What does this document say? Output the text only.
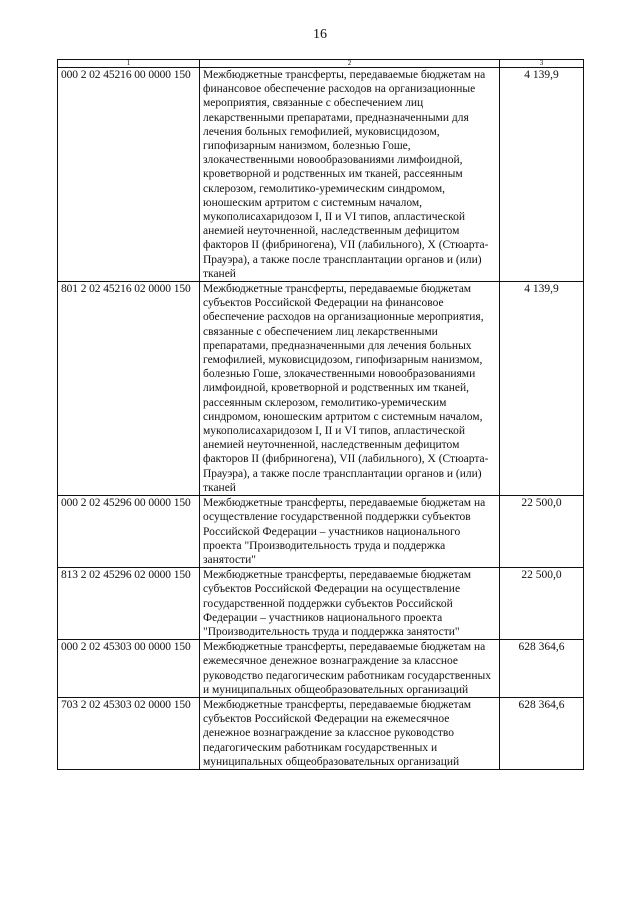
16
1	2	3
000 2 02 45216 00 0000 150	Межбюджетные трансферты, передаваемые бюджетам на финансовое обеспечение расходов на организационные мероприятия, связанные с обеспечением лиц лекарственными препаратами, предназначенными для лечения больных гемофилией, муковисцидозом, гипофизарным нанизмом, болезнью Гоше, злокачественными новообразованиями лимфоидной, кроветворной и родственных им тканей, рассеянным склерозом, гемолитико-уремическим синдромом, юношеским артритом с системным началом, мукополисахаридозом I, II и VI типов, апластической анемией неуточненной, наследственным дефицитом факторов II (фибриногена), VII (лабильного), X (Стюарта-Прауэра), а также после трансплантации органов и (или) тканей	4 139,9
801 2 02 45216 02 0000 150	Межбюджетные трансферты, передаваемые бюджетам субъектов Российской Федерации на финансовое обеспечение расходов на организационные мероприятия, связанные с обеспечением лиц лекарственными препаратами, предназначенными для лечения больных гемофилией, муковисцидозом, гипофизарным нанизмом, болезнью Гоше, злокачественными новообразованиями лимфоидной, кроветворной и родственных им тканей, рассеянным склерозом, гемолитико-уремическим синдромом, юношеским артритом с системным началом, мукополисахаридозом I, II и VI типов, апластической анемией неуточненной, наследственным дефицитом факторов II (фибриногена), VII (лабильного), X (Стюарта-Прауэра), а также после трансплантации органов и (или) тканей	4 139,9
000 2 02 45296 00 0000 150	Межбюджетные трансферты, передаваемые бюджетам на осуществление государственной поддержки субъектов Российской Федерации – участников национального проекта "Производительность труда и поддержка занятости"	22 500,0
813 2 02 45296 02 0000 150	Межбюджетные трансферты, передаваемые бюджетам субъектов Российской Федерации на осуществление государственной поддержки субъектов Российской Федерации – участников национального проекта "Производительность труда и поддержка занятости"	22 500,0
000 2 02 45303 00 0000 150	Межбюджетные трансферты, передаваемые бюджетам на ежемесячное денежное вознаграждение за классное руководство педагогическим работникам государственных и муниципальных общеобразовательных организаций	628 364,6
703 2 02 45303 02 0000 150	Межбюджетные трансферты, передаваемые бюджетам субъектов Российской Федерации на ежемесячное денежное вознаграждение за классное руководство педагогическим работникам государственных и муниципальных общеобразовательных организаций	628 364,6
